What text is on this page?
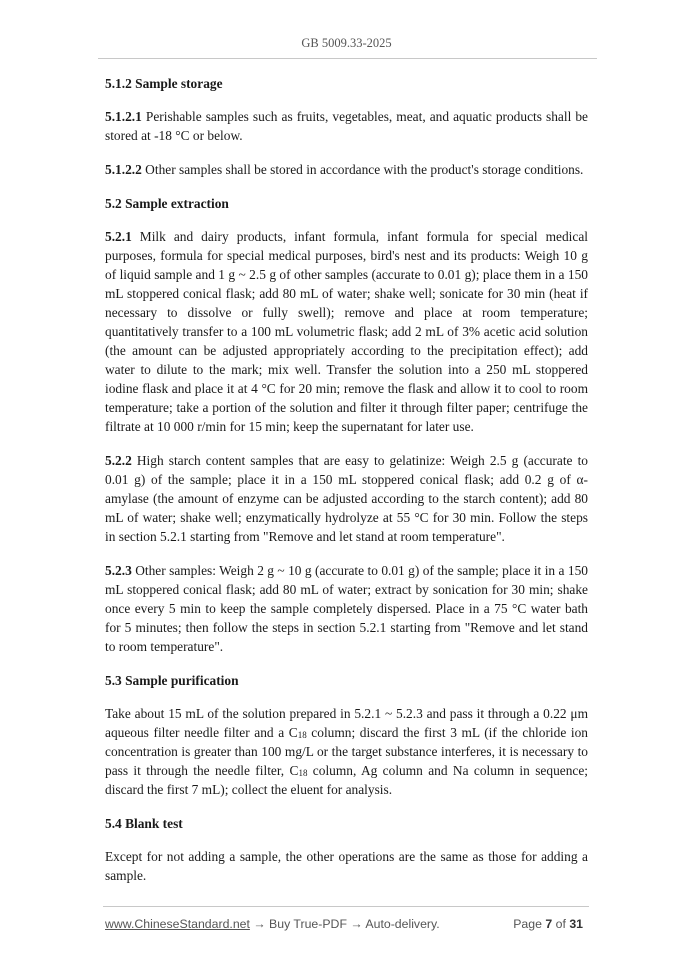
GB 5009.33-2025
5.1.2 Sample storage
5.1.2.1 Perishable samples such as fruits, vegetables, meat, and aquatic products shall be stored at -18 °C or below.
5.1.2.2 Other samples shall be stored in accordance with the product's storage conditions.
5.2 Sample extraction
5.2.1 Milk and dairy products, infant formula, infant formula for special medical purposes, formula for special medical purposes, bird's nest and its products: Weigh 10 g of liquid sample and 1 g ~ 2.5 g of other samples (accurate to 0.01 g); place them in a 150 mL stoppered conical flask; add 80 mL of water; shake well; sonicate for 30 min (heat if necessary to dissolve or fully swell); remove and place at room temperature; quantitatively transfer to a 100 mL volumetric flask; add 2 mL of 3% acetic acid solution (the amount can be adjusted appropriately according to the precipitation effect); add water to dilute to the mark; mix well. Transfer the solution into a 250 mL stoppered iodine flask and place it at 4 °C for 20 min; remove the flask and allow it to cool to room temperature; take a portion of the solution and filter it through filter paper; centrifuge the filtrate at 10 000 r/min for 15 min; keep the supernatant for later use.
5.2.2 High starch content samples that are easy to gelatinize: Weigh 2.5 g (accurate to 0.01 g) of the sample; place it in a 150 mL stoppered conical flask; add 0.2 g of α-amylase (the amount of enzyme can be adjusted according to the starch content); add 80 mL of water; shake well; enzymatically hydrolyze at 55 °C for 30 min. Follow the steps in section 5.2.1 starting from "Remove and let stand at room temperature".
5.2.3 Other samples: Weigh 2 g ~ 10 g (accurate to 0.01 g) of the sample; place it in a 150 mL stoppered conical flask; add 80 mL of water; extract by sonication for 30 min; shake once every 5 min to keep the sample completely dispersed. Place in a 75 °C water bath for 5 minutes; then follow the steps in section 5.2.1 starting from "Remove and let stand to room temperature".
5.3 Sample purification
Take about 15 mL of the solution prepared in 5.2.1 ~ 5.2.3 and pass it through a 0.22 μm aqueous filter needle filter and a $C_{18}$ column; discard the first 3 mL (if the chloride ion concentration is greater than 100 mg/L or the target substance interferes, it is necessary to pass it through the needle filter, $C_{18}$ column, Ag column and Na column in sequence; discard the first 7 mL); collect the eluent for analysis.
5.4 Blank test
Except for not adding a sample, the other operations are the same as those for adding a sample.
www.ChineseStandard.net → Buy True-PDF → Auto-delivery.	Page 7 of 31
